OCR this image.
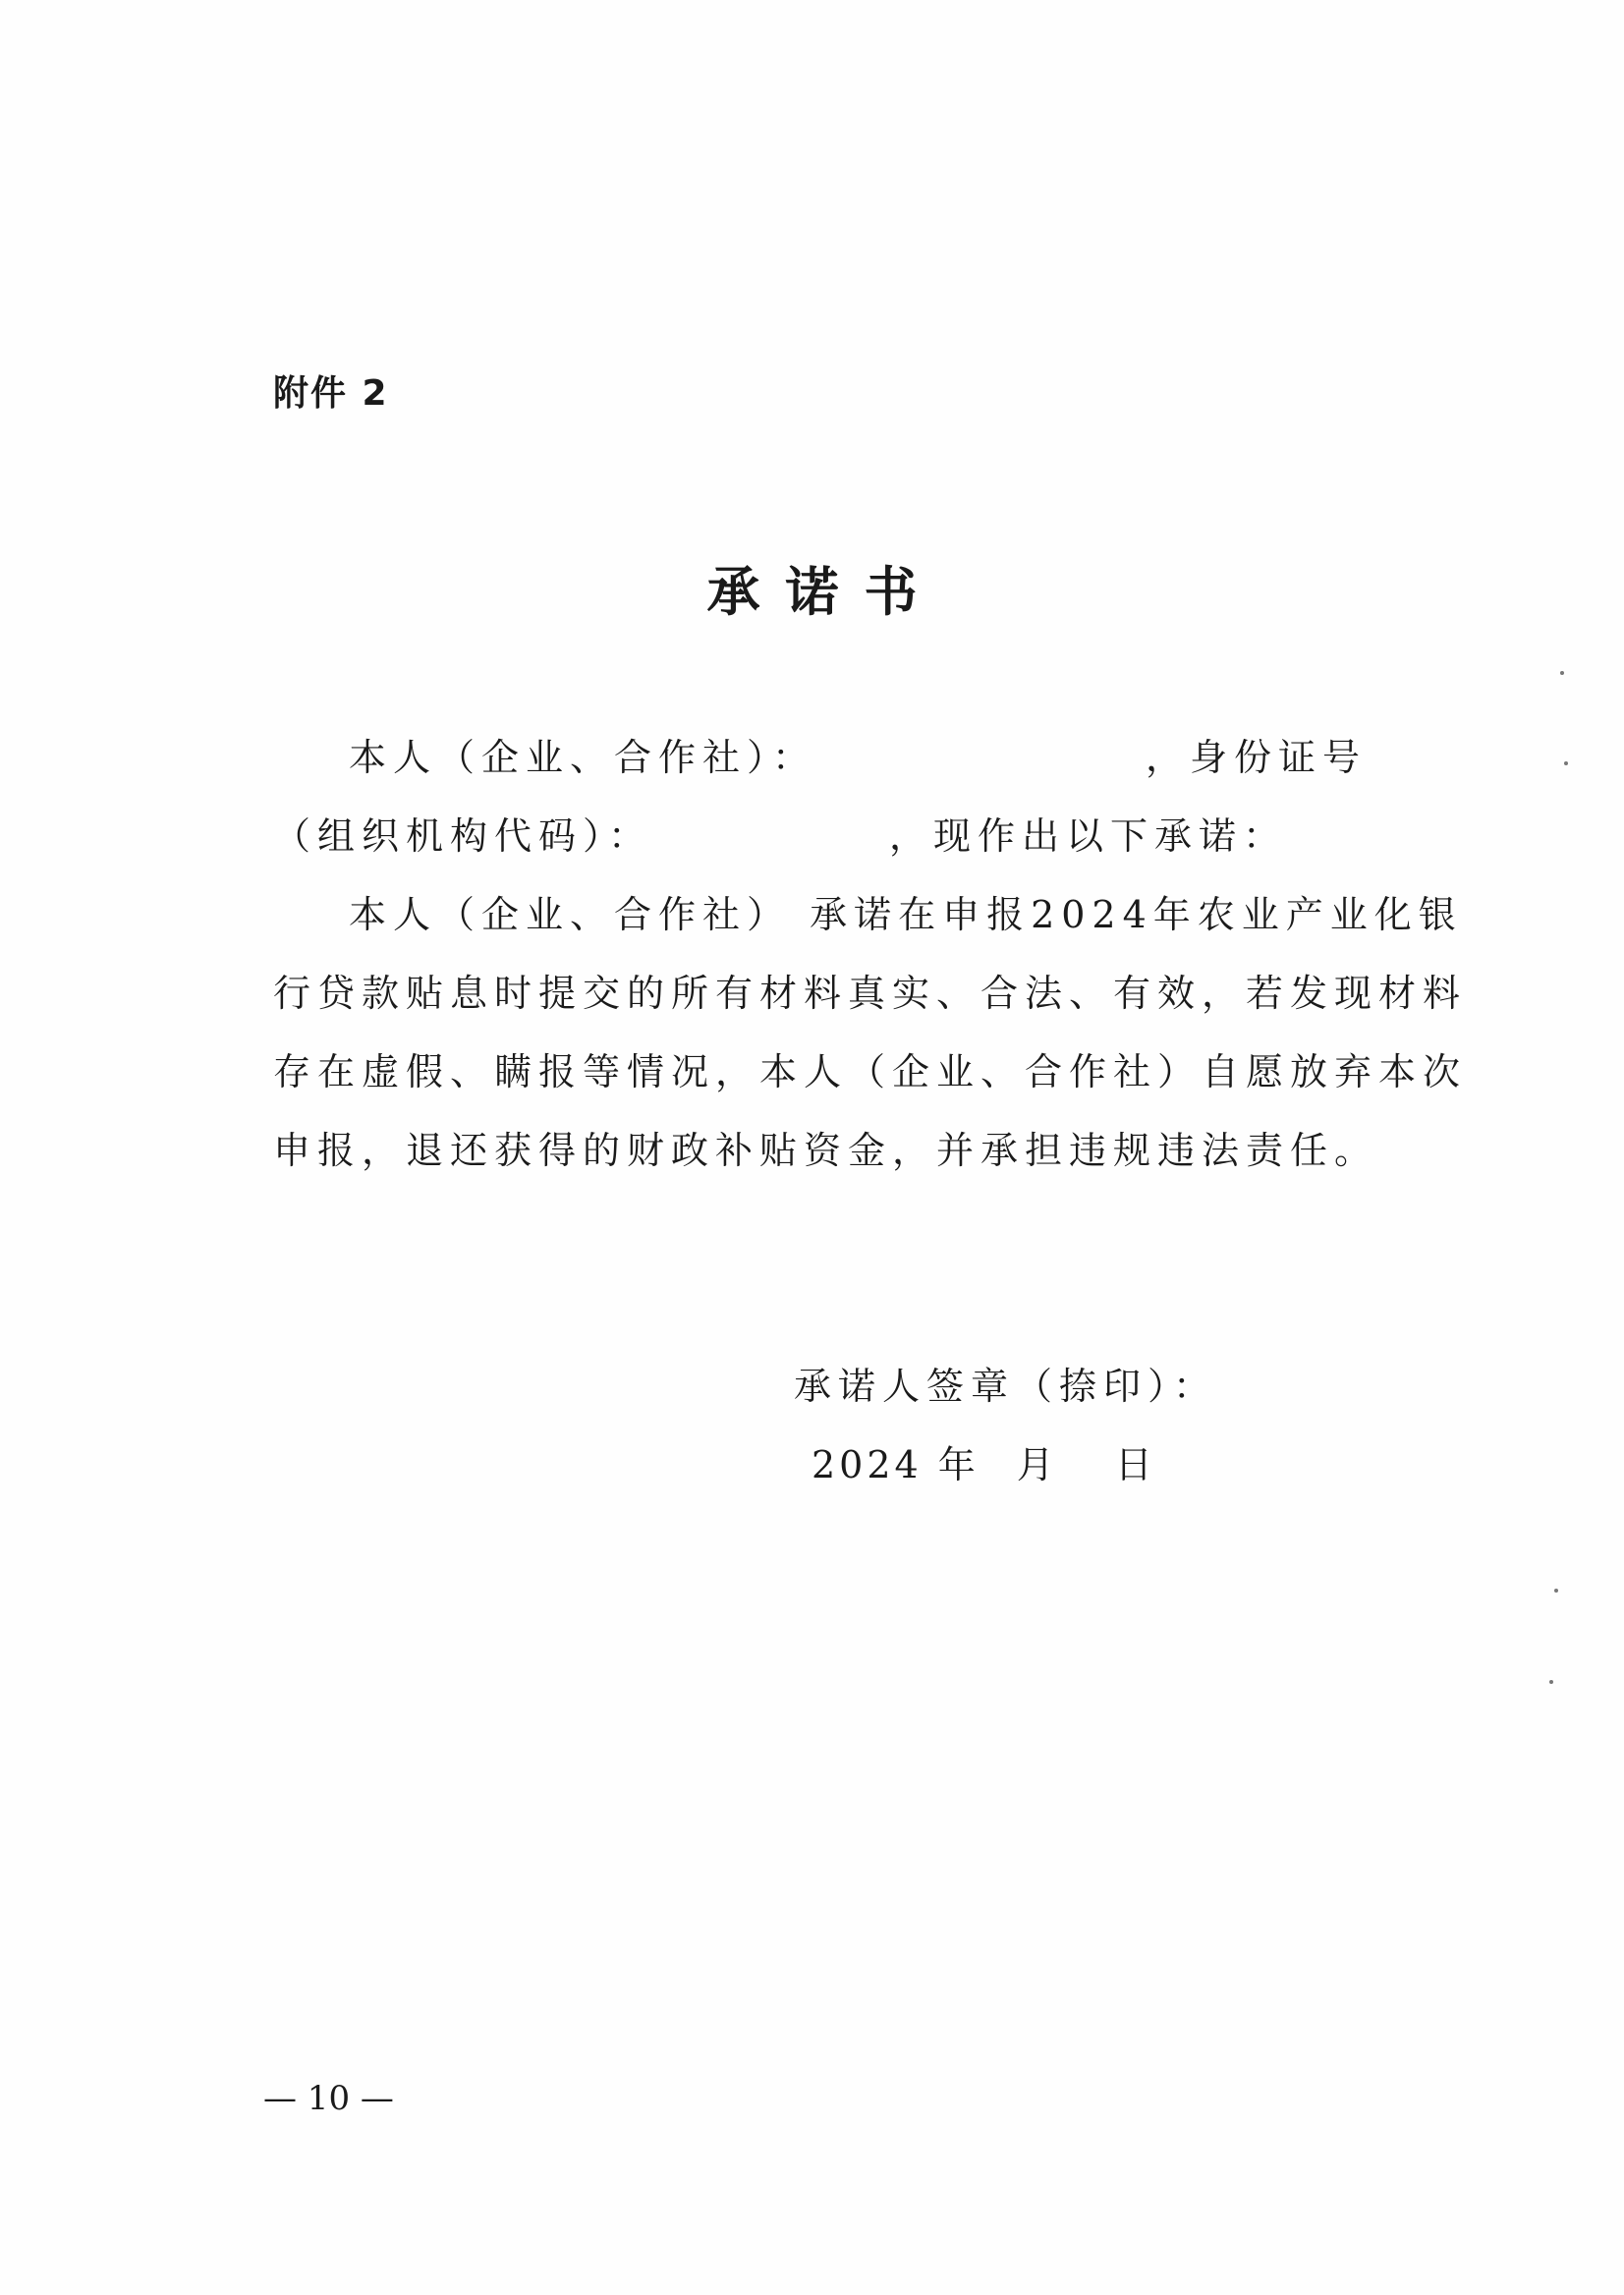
附件 2
承诺书
本人（企业、合作社）：	，身份证号
（组织机构代码）：	，现作出以下承诺：
本人（企业、合作社） 承诺在申报2024年农业产业化银
行贷款贴息时提交的所有材料真实、合法、有效，若发现材料
存在虚假、瞒报等情况，本人（企业、合作社）自愿放弃本次
申报，退还获得的财政补贴资金，并承担违规违法责任。
承诺人签章（捺印）：
2024 年 月 日
— 10 —
